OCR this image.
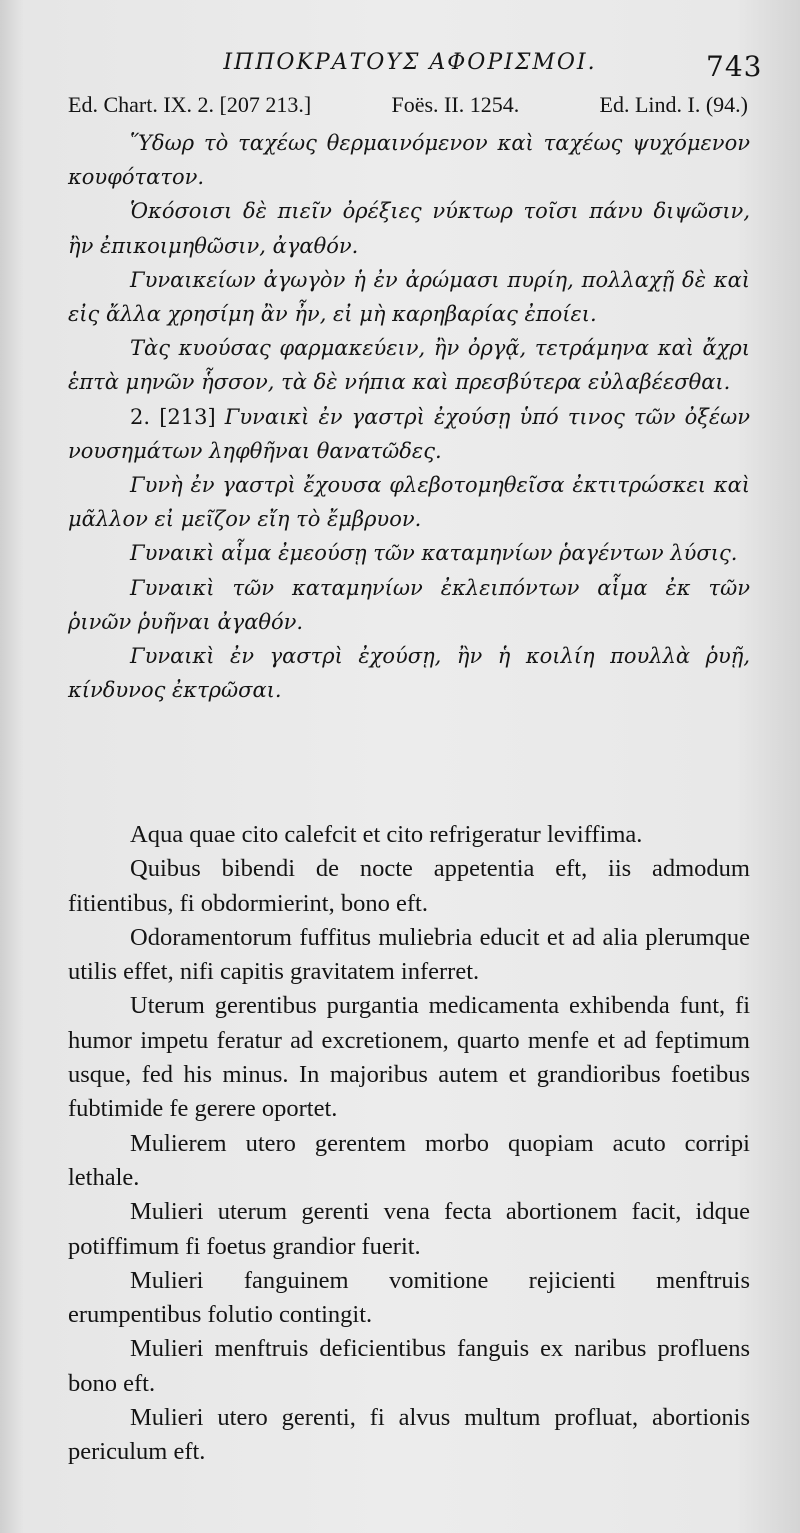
ΙΠΠΟΚΡΑΤΟΥΣ ΑΦΟΡΙΣΜΟΙ.	743
Ed. Chart. IX. 2. [207 213.]	Foës. II. 1254.	Ed. Lind. I. (94.)

Ὕδωρ τὸ ταχέως θερμαινόμενον καὶ ταχέως ψυχόμενον κουφότατον.

Ὁκόσοισι δὲ πιεῖν ὀρέξιες νύκτωρ τοῖσι πάνυ διψῶσιν, ἢν ἐπικοιμηθῶσιν, ἀγαθόν.

Γυναικείων ἀγωγὸν ἡ ἐν ἀρώμασι πυρίη, πολλαχῇ δὲ καὶ εἰς ἄλλα χρησίμη ἂν ἦν, εἰ μὴ καρηβαρίας ἐποίει.

Τὰς κυούσας φαρμακεύειν, ἢν ὀργᾷ, τετράμηνα καὶ ἄχρι ἑπτὰ μηνῶν ἧσσον, τὰ δὲ νήπια καὶ πρεσβύτερα εὐλαβέεσθαι.

2. [213] Γυναικὶ ἐν γαστρὶ ἐχούσῃ ὑπό τινος τῶν ὀξέων νουσημάτων ληφθῆναι θανατῶδες.

Γυνὴ ἐν γαστρὶ ἔχουσα φλεβοτομηθεῖσα ἐκτιτρώσκει καὶ μᾶλλον εἰ μεῖζον εἴη τὸ ἔμβρυον.

Γυναικὶ αἷμα ἐμεούσῃ τῶν καταμηνίων ῥαγέντων λύσις.

Γυναικὶ τῶν καταμηνίων ἐκλειπόντων αἷμα ἐκ τῶν ῥινῶν ῥυῆναι ἀγαθόν.

Γυναικὶ ἐν γαστρὶ ἐχούσῃ, ἢν ἡ κοιλίη πουλλὰ ῥυῇ, κίνδυνος ἐκτρῶσαι.

Aqua quae cito calefcit et cito refrigeratur leviffima.

Quibus bibendi de nocte appetentia eft, iis admodum fitientibus, fi obdormierint, bono eft.

Odoramentorum fuffitus muliebria educit et ad alia plerumque utilis effet, nifi capitis gravitatem inferret.

Uterum gerentibus purgantia medicamenta exhibenda funt, fi humor impetu feratur ad excretionem, quarto menfe et ad feptimum usque, fed his minus. In majoribus autem et grandioribus foetibus fubtimide fe gerere oportet.

Mulierem utero gerentem morbo quopiam acuto corripi lethale.

Mulieri uterum gerenti vena fecta abortionem facit, idque potiffimum fi foetus grandior fuerit.

Mulieri fanguinem vomitione rejicienti menftruis erumpentibus folutio contingit.

Mulieri menftruis deficientibus fanguis ex naribus profluens bono eft.

Mulieri utero gerenti, fi alvus multum profluat, abortionis periculum eft.
